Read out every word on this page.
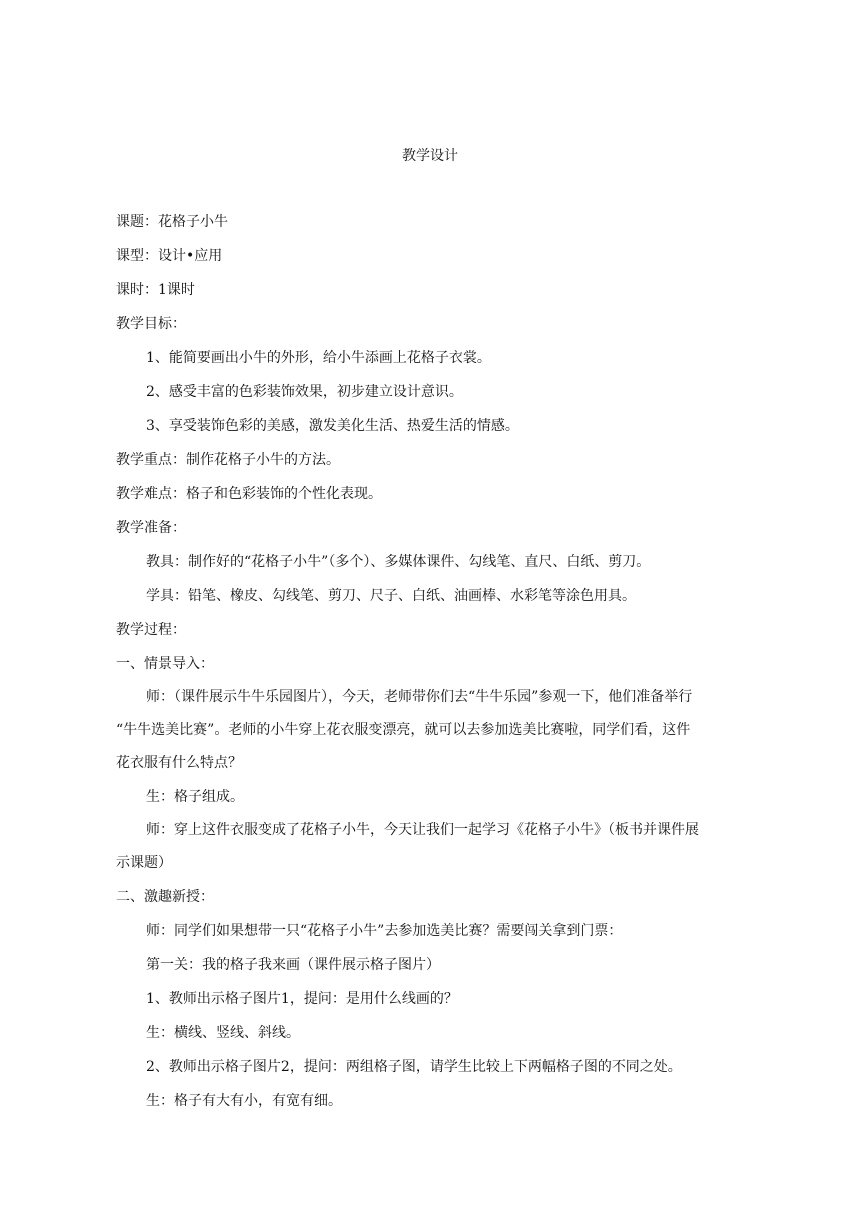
教学设计
课题：花格子小牛
课型：设计•应用
课时：1课时
教学目标：
1、能简要画出小牛的外形，给小牛添画上花格子衣裳。
2、感受丰富的色彩装饰效果，初步建立设计意识。
3、享受装饰色彩的美感，激发美化生活、热爱生活的情感。
教学重点：制作花格子小牛的方法。
教学难点：格子和色彩装饰的个性化表现。
教学准备：
教具：制作好的“花格子小牛”（多个）、多媒体课件、勾线笔、直尺、白纸、剪刀。
学具：铅笔、橡皮、勾线笔、剪刀、尺子、白纸、油画棒、水彩笔等涂色用具。
教学过程：
一、情景导入：
师：（课件展示牛牛乐园图片），今天，老师带你们去“牛牛乐园”参观一下，他们准备举行
“牛牛选美比赛”。老师的小牛穿上花衣服变漂亮，就可以去参加选美比赛啦，同学们看，这件
花衣服有什么特点？
生：格子组成。
师：穿上这件衣服变成了花格子小牛，今天让我们一起学习《花格子小牛》（板书并课件展
示课题）
二、激趣新授：
师：同学们如果想带一只“花格子小牛”去参加选美比赛？需要闯关拿到门票：
第一关：我的格子我来画（课件展示格子图片）
1、教师出示格子图片1，提问：是用什么线画的？
生：横线、竖线、斜线。
2、教师出示格子图片2，提问：两组格子图，请学生比较上下两幅格子图的不同之处。
生：格子有大有小，有宽有细。
